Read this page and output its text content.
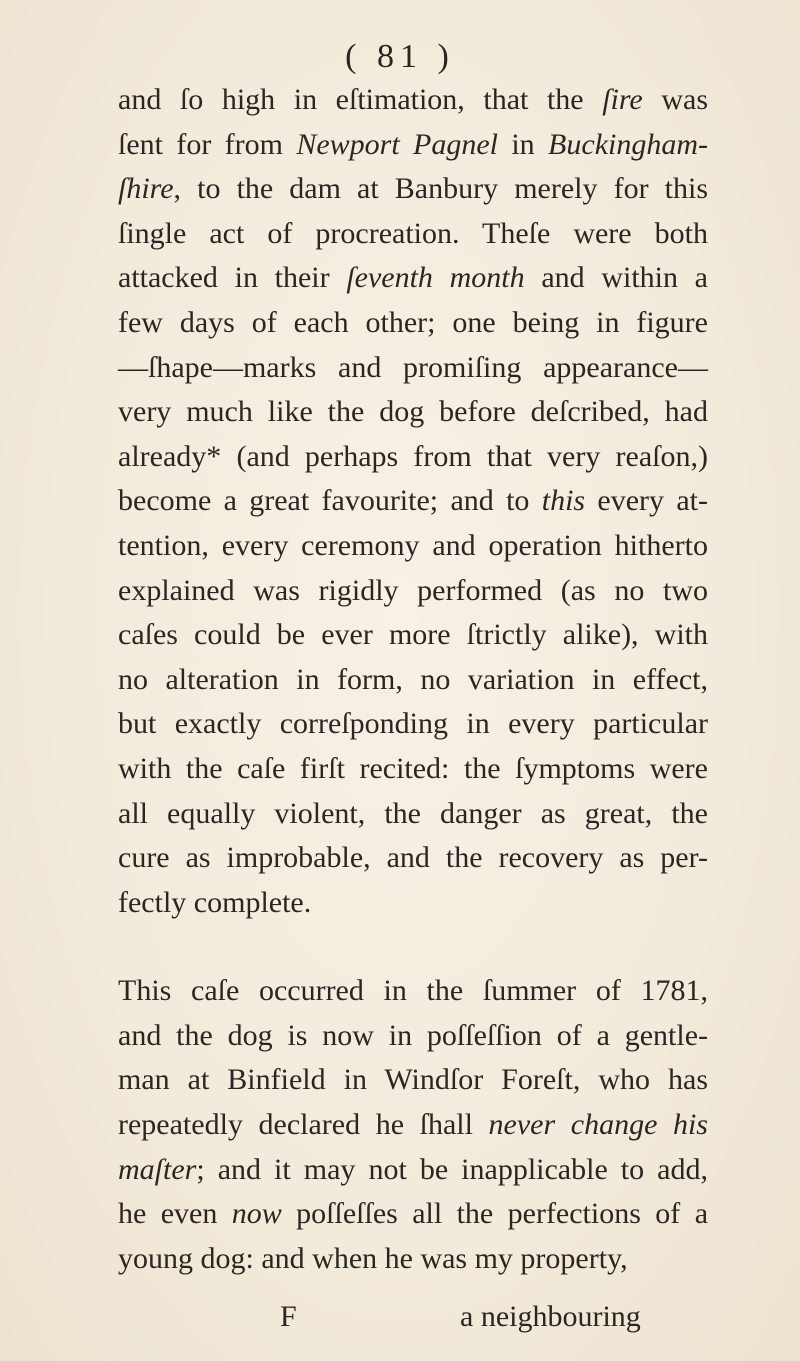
( 81 )
and ſo high in eſtimation, that the ſire was
ſent for from Newport Pagnel in Buckingham-
ſhire, to the dam at Banbury merely for this
ſingle act of procreation. Theſe were both
attacked in their ſeventh month and within a
few days of each other; one being in figure
—ſhape—marks and promiſing appearance—
very much like the dog before deſcribed, had
already* (and perhaps from that very reaſon,)
become a great favourite; and to this every at-
tention, every ceremony and operation hitherto
explained was rigidly performed (as no two
caſes could be ever more ſtrictly alike), with
no alteration in form, no variation in effect,
but exactly correſponding in every particular
with the caſe firſt recited: the ſymptoms were
all equally violent, the danger as great, the
cure as improbable, and the recovery as per-
fectly complete.
This caſe occurred in the ſummer of 1781,
and the dog is now in poſſeſſion of a gentle-
man at Binfield in Windſor Foreſt, who has
repeatedly declared he ſhall never change his
maſter; and it may not be inapplicable to add,
he even now poſſeſſes all the perfections of a
young dog: and when he was my property,
F	a neighbouring
